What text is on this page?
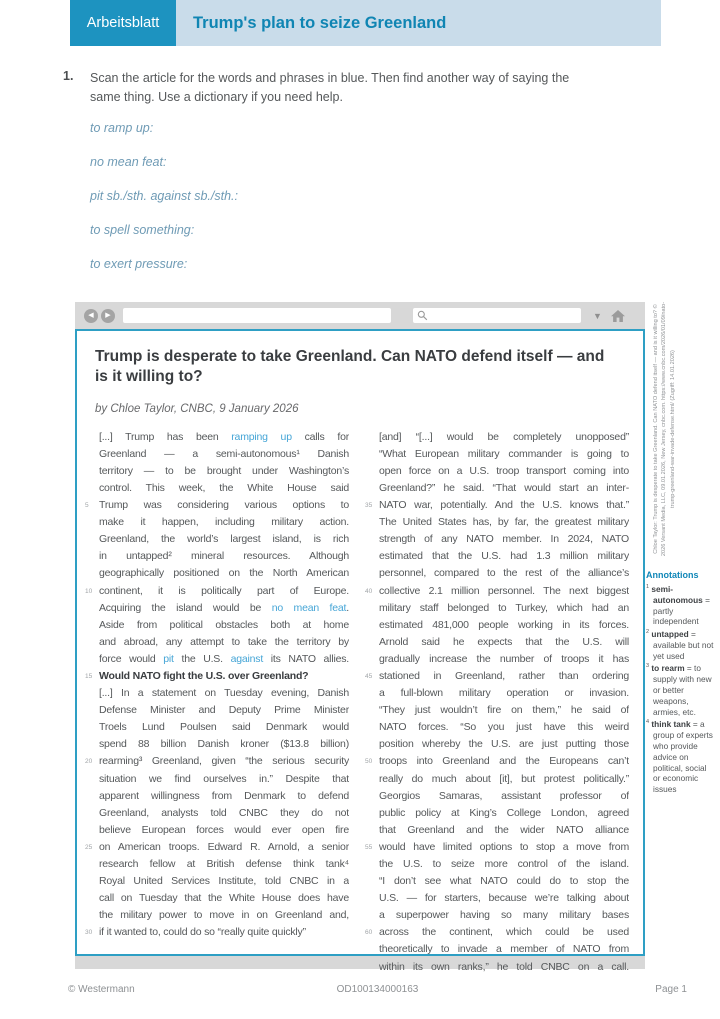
Arbeitsblatt	Trump's plan to seize Greenland
1. Scan the article for the words and phrases in blue. Then find another way of saying the same thing. Use a dictionary if you need help.
to ramp up:
no mean feat:
pit sb./sth. against sb./sth.:
to spell something:
to exert pressure:
◀ ▶	▼
Trump is desperate to take Greenland. Can NATO defend itself — and is it willing to?
by Chloe Taylor, CNBC, 9 January 2026
[...] Trump has been ramping up calls for
Greenland — a semi-autonomous¹ Danish
territory — to be brought under Washington’s
control. This week, the White House said
5 Trump was considering various options to
make it happen, including military action.
Greenland, the world’s largest island, is rich
in untapped² mineral resources. Although
geographically positioned on the North American
10 continent, it is politically part of Europe.
Acquiring the island would be no mean feat.
Aside from political obstacles both at home
and abroad, any attempt to take the territory by
force would pit the U.S. against its NATO allies.
15 Would NATO fight the U.S. over Greenland?
[...] In a statement on Tuesday evening, Danish
Defense Minister and Deputy Prime Minister
Troels Lund Poulsen said Denmark would
spend 88 billion Danish kroner ($13.8 billion)
20 rearming³ Greenland, given “the serious security
situation we find ourselves in.” Despite that
apparent willingness from Denmark to defend
Greenland, analysts told CNBC they do not
believe European forces would ever open fire
25 on American troops. Edward R. Arnold, a senior
research fellow at British defense think tank⁴
Royal United Services Institute, told CNBC in a
call on Tuesday that the White House does have
the military power to move in on Greenland and,
30 if it wanted to, could do so “really quite quickly”
[and] “[...] would be completely unopposed”
“What European military commander is going to
open force on a U.S. troop transport coming into
Greenland?” he said. “That would start an inter-
35 NATO war, potentially. And the U.S. knows that.”
The United States has, by far, the greatest military
strength of any NATO member. In 2024, NATO
estimated that the U.S. had 1.3 million military
personnel, compared to the rest of the alliance’s
40 collective 2.1 million personnel. The next biggest
military staff belonged to Turkey, which had an
estimated 481,000 people working in its forces.
Arnold said he expects that the U.S. will
gradually increase the number of troops it has
45 stationed in Greenland, rather than ordering
a full-blown military operation or invasion.
“They just wouldn’t fire on them,” he said of
NATO forces. “So you just have this weird
position whereby the U.S. are just putting those
50 troops into Greenland and the Europeans can’t
really do much about [it], but protest politically.”
Georgios Samaras, assistant professor of
public policy at King’s College London, agreed
that Greenland and the wider NATO alliance
55 would have limited options to stop a move from
the U.S. to seize more control of the island.
“I don’t see what NATO could do to stop the
U.S. — for starters, because we’re talking about
a superpower having so many military bases
60 across the continent, which could be used
theoretically to invade a member of NATO from
within its own ranks,” he told CNBC on a call.
Chloe Taylor: Trump is desperate to take Greenland. Can NATO defend itself — and is it willing to? © 2026 Versant Media, LLC, 09.01.2026, New Jersey, cnbc.com. https://www.cnbc.com/2026/01/09/nato-trump-greenland-war-invade-defense.html/ (Zugriff: 14.01.2026)
Annotations
$^1$ semi-autonomous = partly independent
$^2$ untapped = available but not yet used
$^3$ to rearm = to supply with new or better weapons, armies, etc.
$^4$ think tank = a group of experts who provide advice on political, social or economic issues
© Westermann	OD100134000163	Page 1
